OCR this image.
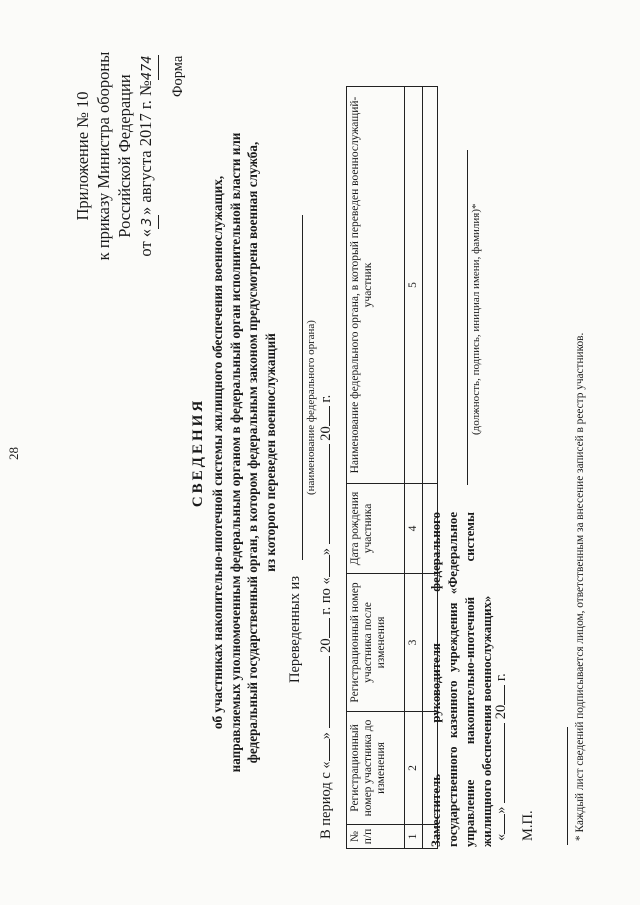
28
Приложение № 10 к приказу Министра обороны Российской Федерации
от «3» августа 2017 г. №474 Форма
СВЕДЕНИЯ об участниках накопительно-ипотечной системы жилищного обеспечения военнослужащих, направляемых уполномоченным федеральным органом в федеральный орган исполнительной власти или федеральный государственный орган, в котором федеральным законом предусмотрена военная служба, из которого переведен военнослужащий
Переведенных из
(наименование федерального органа)
В период с «»  20 г. по «»  20 г.
№ п/п	Регистрационный номер участника до изменения	Регистрационный номер участника после изменения	Дата рождения участника	Наименование федерального органа, в который переведен военнослужащий-участник
1	2	3	4	5

Заместитель руководителя федерального государственного казенного учреждения «Федеральное управление накопительно-ипотечной системы жилищного обеспечения военнослужащих»
(должность, подпись, инициал имени, фамилия)*
«»  20 г.
М.П.	* Каждый лист сведений подписывается лицом, ответственным за внесение записей в реестр участников.
